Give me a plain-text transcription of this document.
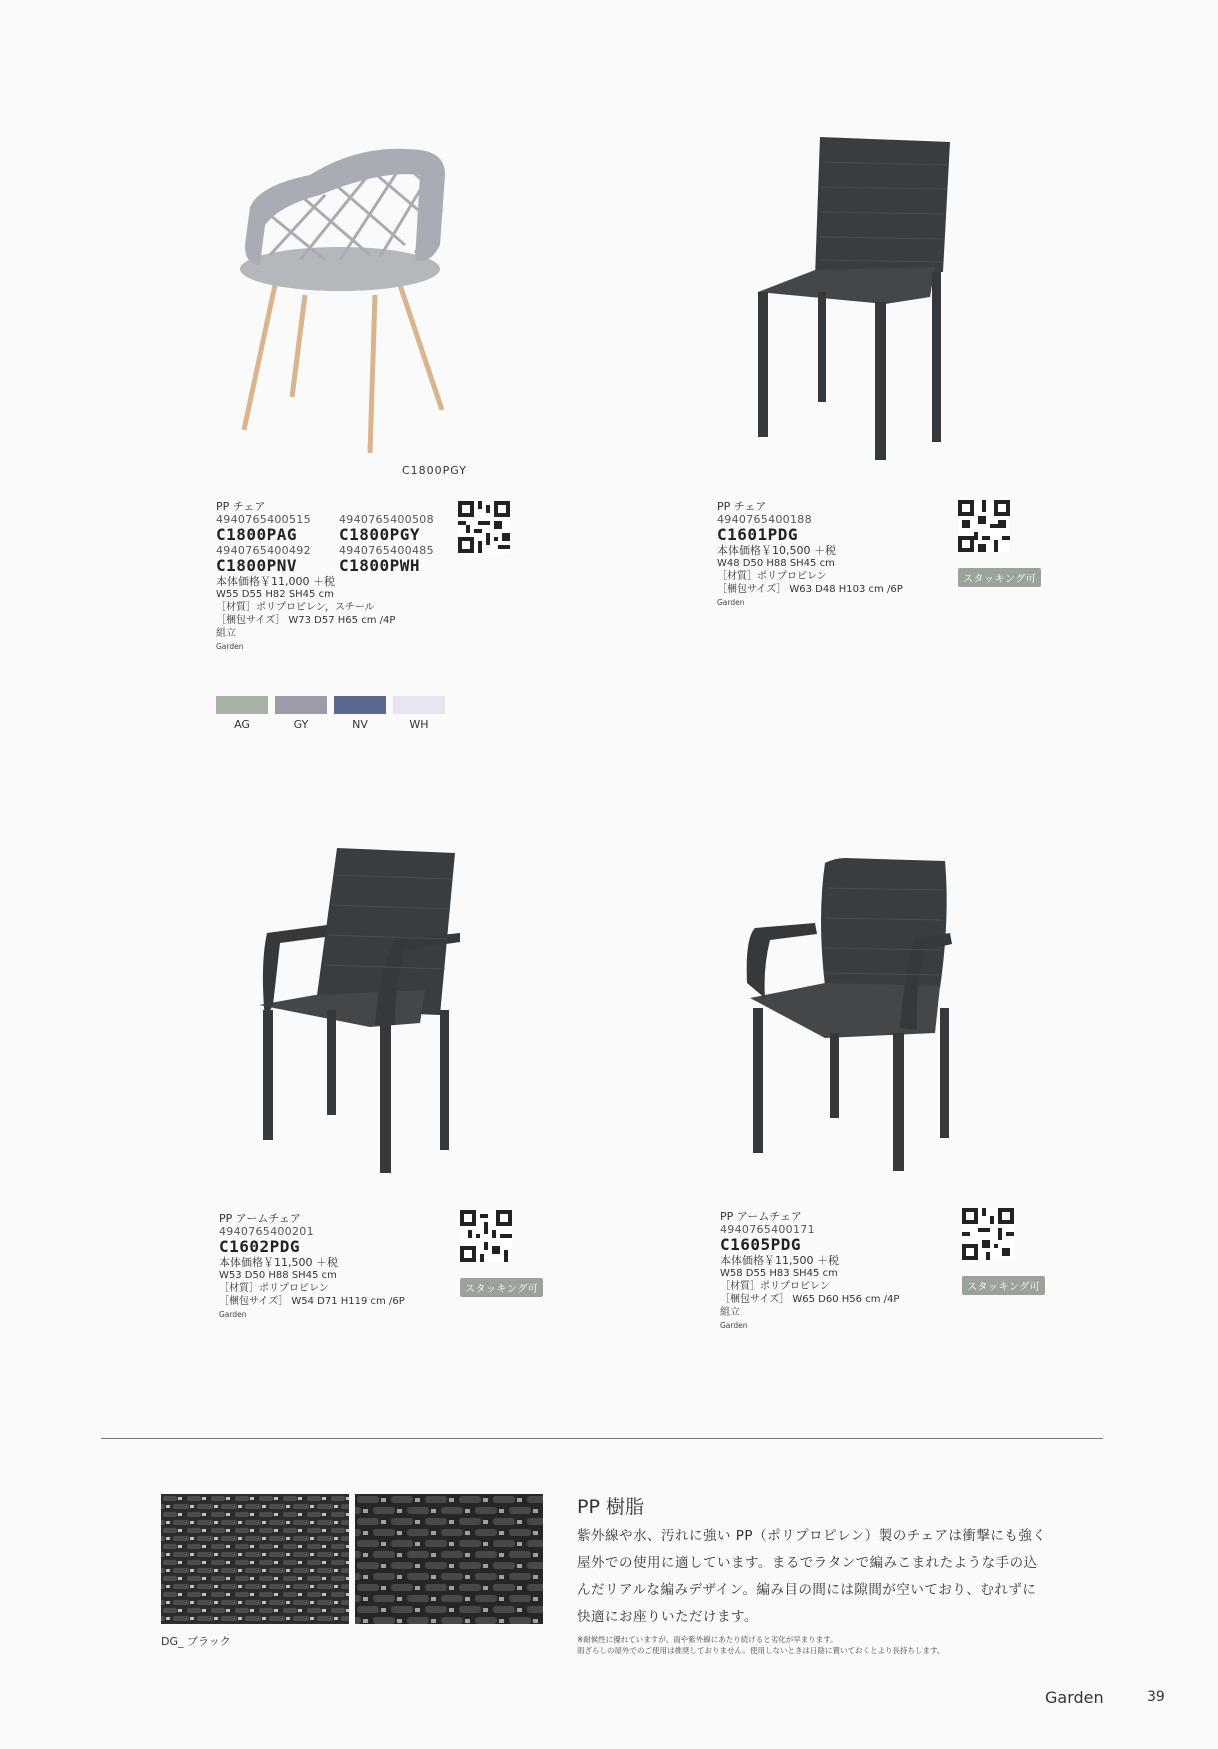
C1800PGY
PP チェア
4940765400515
C1800PAG
4940765400508
C1800PGY
4940765400492
C1800PNV
4940765400485
C1800PWH
本体価格￥11,000 ＋税
W55 D55 H82 SH45 cm
［材質］ポリプロピレン，スチール
［梱包サイズ］ W73 D57 H65 cm /4P
組立
Garden
AG	GY	NV	WH
PP チェア
4940765400188
C1601PDG
本体価格￥10,500 ＋税
W48 D50 H88 SH45 cm
［材質］ポリプロピレン
［梱包サイズ］ W63 D48 H103 cm /6P
Garden
スタッキング可
PP アームチェア
4940765400201
C1602PDG
本体価格￥11,500 ＋税
W53 D50 H88 SH45 cm
［材質］ポリプロピレン
［梱包サイズ］ W54 D71 H119 cm /6P
Garden
スタッキング可
PP アームチェア
4940765400171
C1605PDG
本体価格￥11,500 ＋税
W58 D55 H83 SH45 cm
［材質］ポリプロピレン
［梱包サイズ］ W65 D60 H56 cm /4P
組立
Garden
スタッキング可
DG_ ブラック
PP 樹脂
紫外線や水、汚れに強い PP（ポリプロピレン）製のチェアは衝撃にも強く屋外での使用に適しています。まるでラタンで編みこまれたような手の込んだリアルな編みデザイン。編み目の間には隙間が空いており、むれずに快適にお座りいただけます。
※耐候性に優れていますが、雨や紫外線にあたり続けると劣化が早まります。
雨ざらしの屋外でのご使用は推奨しておりません。使用しないときは日陰に置いておくとより長持ちします。
Garden	39
